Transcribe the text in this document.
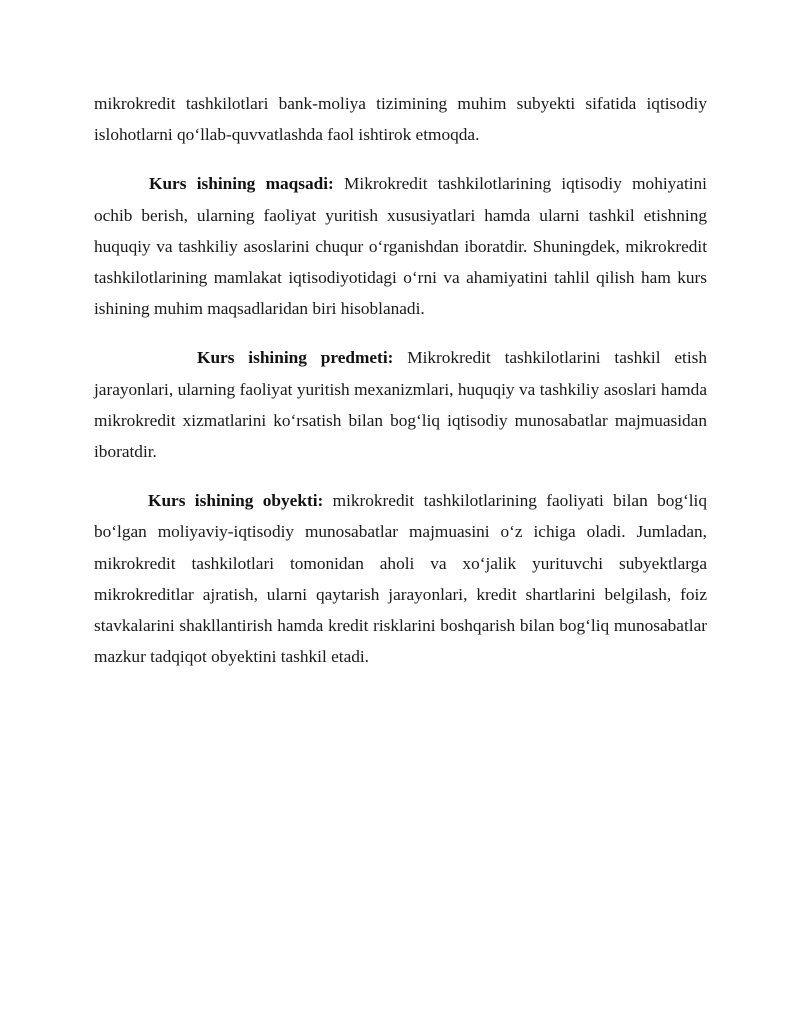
mikrokredit tashkilotlari bank-moliya tizimining muhim subyekti sifatida iqtisodiy islohotlarni qo‘llab-quvvatlashda faol ishtirok etmoqda.

Kurs ishining maqsadi: Mikrokredit tashkilotlarining iqtisodiy mohiyatini ochib berish, ularning faoliyat yuritish xususiyatlari hamda ularni tashkil etishning huquqiy va tashkiliy asoslarini chuqur o‘rganishdan iboratdir. Shuningdek, mikrokredit tashkilotlarining mamlakat iqtisodiyotidagi o‘rni va ahamiyatini tahlil qilish ham kurs ishining muhim maqsadlaridan biri hisoblanadi.

Kurs ishining predmeti: Mikrokredit tashkilotlarini tashkil etish jarayonlari, ularning faoliyat yuritish mexanizmlari, huquqiy va tashkiliy asoslari hamda mikrokredit xizmatlarini ko‘rsatish bilan bog‘liq iqtisodiy munosabatlar majmuasidan iboratdir.

Kurs ishining obyekti: mikrokredit tashkilotlarining faoliyati bilan bog‘liq bo‘lgan moliyaviy-iqtisodiy munosabatlar majmuasini o‘z ichiga oladi. Jumladan, mikrokredit tashkilotlari tomonidan aholi va xo‘jalik yurituvchi subyektlarga mikrokreditlar ajratish, ularni qaytarish jarayonlari, kredit shartlarini belgilash, foiz stavkalarini shakllantirish hamda kredit risklarini boshqarish bilan bog‘liq munosabatlar mazkur tadqiqot obyektini tashkil etadi.
